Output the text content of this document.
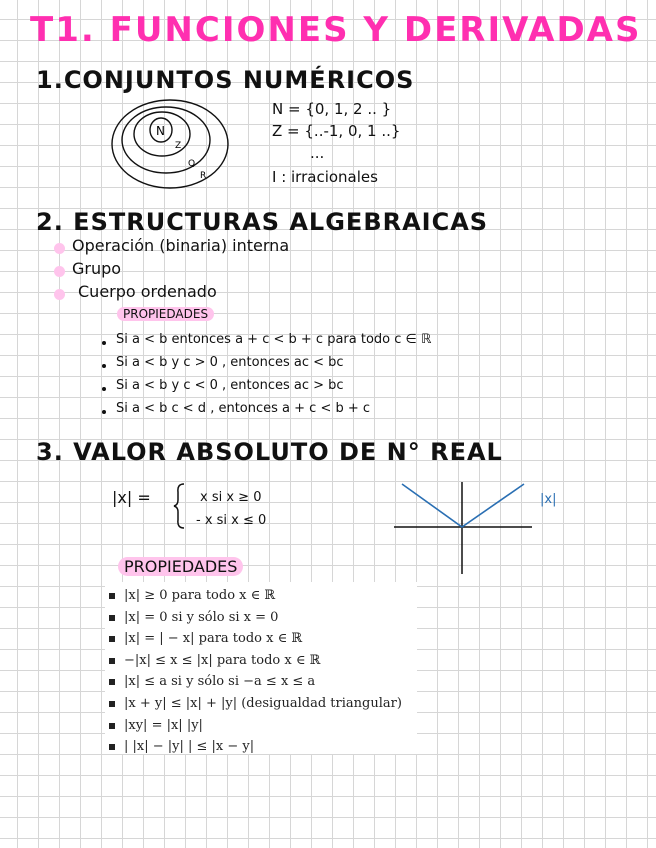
T1. FUNCIONES Y DERIVADAS
1.CONJUNTOS NUMÉRICOS
N
Z
Q
R
N = {0, 1, 2 .. }
Z = {..-1, 0, 1 ..}
...
I : irracionales
2. ESTRUCTURAS ALGEBRAICAS
Operación (binaria) interna
Grupo
Cuerpo ordenado
PROPIEDADES
Si a < b entonces a + c < b + c para todo c ∈ ℝ
Si a < b y c > 0 , entonces ac < bc
Si a < b y c < 0 , entonces ac > bc
Si a < b c < d , entonces a + c < b + c
3. VALOR ABSOLUTO DE N° REAL
|x| =	x si x ≥ 0
- x si x ≤ 0
|x|
PROPIEDADES
|x| ≥ 0 para todo x ∈ ℝ
|x| = 0 si y sólo si x = 0
|x| = | − x| para todo x ∈ ℝ
−|x| ≤ x ≤ |x| para todo x ∈ ℝ
|x| ≤ a si y sólo si −a ≤ x ≤ a
|x + y| ≤ |x| + |y| (desigualdad triangular)
|xy| = |x| |y|
| |x| − |y| | ≤ |x − y|
